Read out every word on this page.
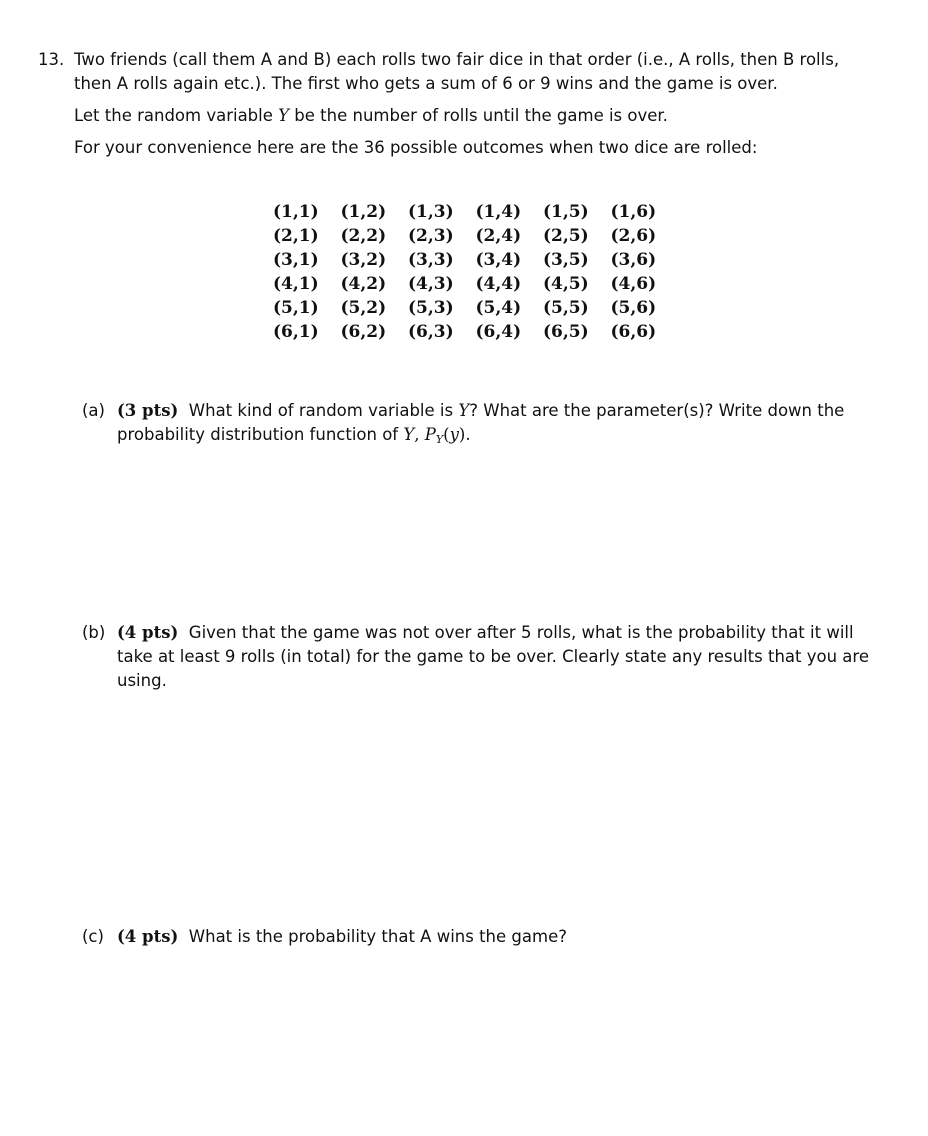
13. Two friends (call them A and B) each rolls two fair dice in that order (i.e., A rolls, then B rolls,
then A rolls again etc.). The first who gets a sum of 6 or 9 wins and the game is over.
Let the random variable Y be the number of rolls until the game is over.
For your convenience here are the 36 possible outcomes when two dice are rolled:
(1,1)	(1,2)	(1,3)	(1,4)	(1,5)	(1,6)
(2,1)	(2,2)	(2,3)	(2,4)	(2,5)	(2,6)
(3,1)	(3,2)	(3,3)	(3,4)	(3,5)	(3,6)
(4,1)	(4,2)	(4,3)	(4,4)	(4,5)	(4,6)
(5,1)	(5,2)	(5,3)	(5,4)	(5,5)	(5,6)
(6,1)	(6,2)	(6,3)	(6,4)	(6,5)	(6,6)
(a) (3 pts) What kind of random variable is Y? What are the parameter(s)? Write down the
probability distribution function of Y, $P_Y(y)$.
(b) (4 pts) Given that the game was not over after 5 rolls, what is the probability that it will
take at least 9 rolls (in total) for the game to be over. Clearly state any results that you are
using.
(c) (4 pts) What is the probability that A wins the game?
